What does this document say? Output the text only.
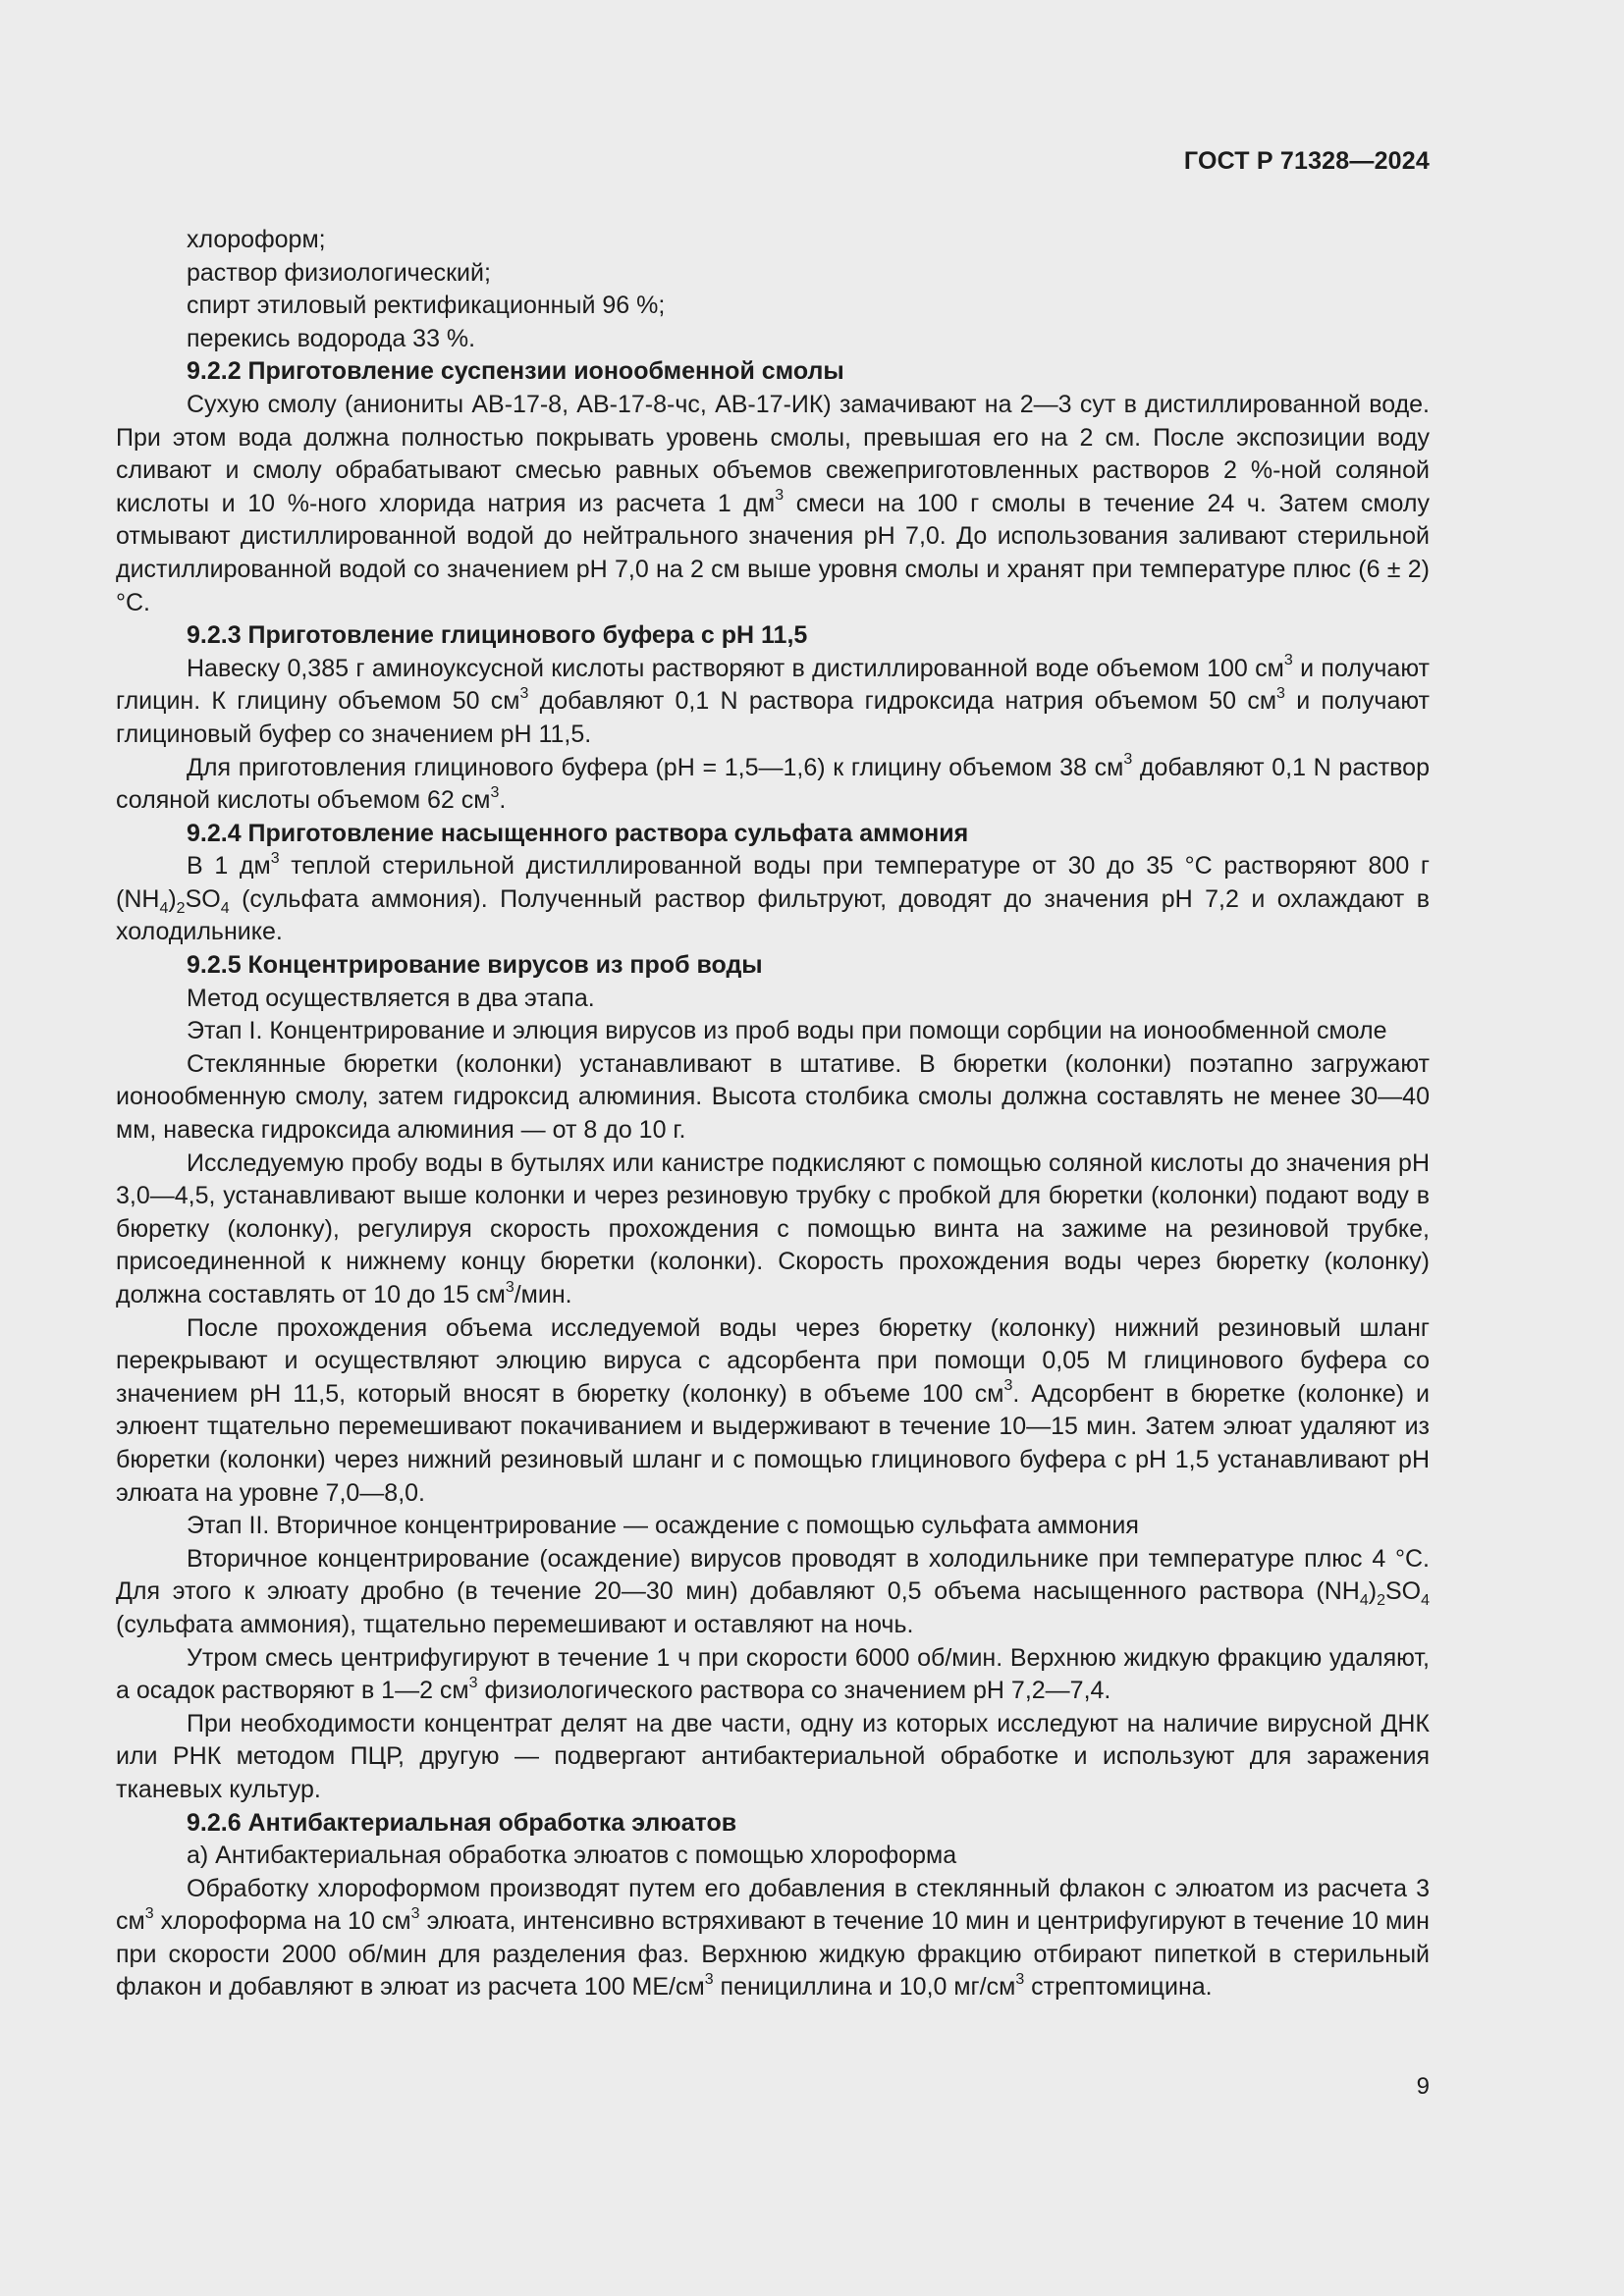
ГОСТ Р 71328—2024

хлороформ;

раствор физиологический;

спирт этиловый ректификационный 96 %;

перекись водорода 33 %.

9.2.2 Приготовление суспензии ионообменной смолы

Сухую смолу (аниониты АВ-17-8, АВ-17-8-чс, АВ-17-ИК) замачивают на 2—3 сут в дистиллированной воде. При этом вода должна полностью покрывать уровень смолы, превышая его на 2 см. После экспозиции воду сливают и смолу обрабатывают смесью равных объемов свежеприготовленных растворов 2 %-ной соляной кислоты и 10 %-ного хлорида натрия из расчета 1 $дм^3$ смеси на 100 г смолы в течение 24 ч. Затем смолу отмывают дистиллированной водой до нейтрального значения рН 7,0. До использования заливают стерильной дистиллированной водой со значением рН 7,0 на 2 см выше уровня смолы и хранят при температуре плюс (6 ± 2) °С.

9.2.3 Приготовление глицинового буфера с рН 11,5

Навеску 0,385 г аминоуксусной кислоты растворяют в дистиллированной воде объемом 100 $см^3$ и получают глицин. К глицину объемом 50 $см^3$ добавляют 0,1 N раствора гидроксида натрия объемом 50 $см^3$ и получают глициновый буфер со значением рН 11,5.

Для приготовления глицинового буфера (рН = 1,5—1,6) к глицину объемом 38 $см^3$ добавляют 0,1 N раствор соляной кислоты объемом 62 $см^3$.

9.2.4 Приготовление насыщенного раствора сульфата аммония

В 1 $дм^3$ теплой стерильной дистиллированной воды при температуре от 30 до 35 °С растворяют 800 г $(NH_4)_2SO_4$ (сульфата аммония). Полученный раствор фильтруют, доводят до значения рН 7,2 и охлаждают в холодильнике.

9.2.5 Концентрирование вирусов из проб воды

Метод осуществляется в два этапа.

Этап I. Концентрирование и элюция вирусов из проб воды при помощи сорбции на ионообменной смоле

Стеклянные бюретки (колонки) устанавливают в штативе. В бюретки (колонки) поэтапно загружают ионообменную смолу, затем гидроксид алюминия. Высота столбика смолы должна составлять не менее 30—40 мм, навеска гидроксида алюминия — от 8 до 10 г.

Исследуемую пробу воды в бутылях или канистре подкисляют с помощью соляной кислоты до значения рН 3,0—4,5, устанавливают выше колонки и через резиновую трубку с пробкой для бюретки (колонки) подают воду в бюретку (колонку), регулируя скорость прохождения с помощью винта на зажиме на резиновой трубке, присоединенной к нижнему концу бюретки (колонки). Скорость прохождения воды через бюретку (колонку) должна составлять от 10 до 15 $см^3$/мин.

После прохождения объема исследуемой воды через бюретку (колонку) нижний резиновый шланг перекрывают и осуществляют элюцию вируса с адсорбента при помощи 0,05 М глицинового буфера со значением рН 11,5, который вносят в бюретку (колонку) в объеме 100 $см^3$. Адсорбент в бюретке (колонке) и элюент тщательно перемешивают покачиванием и выдерживают в течение 10—15 мин. Затем элюат удаляют из бюретки (колонки) через нижний резиновый шланг и с помощью глицинового буфера с рН 1,5 устанавливают рН элюата на уровне 7,0—8,0.

Этап II. Вторичное концентрирование — осаждение с помощью сульфата аммония

Вторичное концентрирование (осаждение) вирусов проводят в холодильнике при температуре плюс 4 °С. Для этого к элюату дробно (в течение 20—30 мин) добавляют 0,5 объема насыщенного раствора $(NH_4)_2SO_4$ (сульфата аммония), тщательно перемешивают и оставляют на ночь.

Утром смесь центрифугируют в течение 1 ч при скорости 6000 об/мин. Верхнюю жидкую фракцию удаляют, а осадок растворяют в 1—2 $см^3$ физиологического раствора со значением рН 7,2—7,4.

При необходимости концентрат делят на две части, одну из которых исследуют на наличие вирусной ДНК или РНК методом ПЦР, другую — подвергают антибактериальной обработке и используют для заражения тканевых культур.

9.2.6 Антибактериальная обработка элюатов

а) Антибактериальная обработка элюатов с помощью хлороформа

Обработку хлороформом производят путем его добавления в стеклянный флакон с элюатом из расчета 3 $см^3$ хлороформа на 10 $см^3$ элюата, интенсивно встряхивают в течение 10 мин и центрифугируют в течение 10 мин при скорости 2000 об/мин для разделения фаз. Верхнюю жидкую фракцию отбирают пипеткой в стерильный флакон и добавляют в элюат из расчета 100 $МЕ/см^3$ пенициллина и 10,0 $мг/см^3$ стрептомицина.

9
